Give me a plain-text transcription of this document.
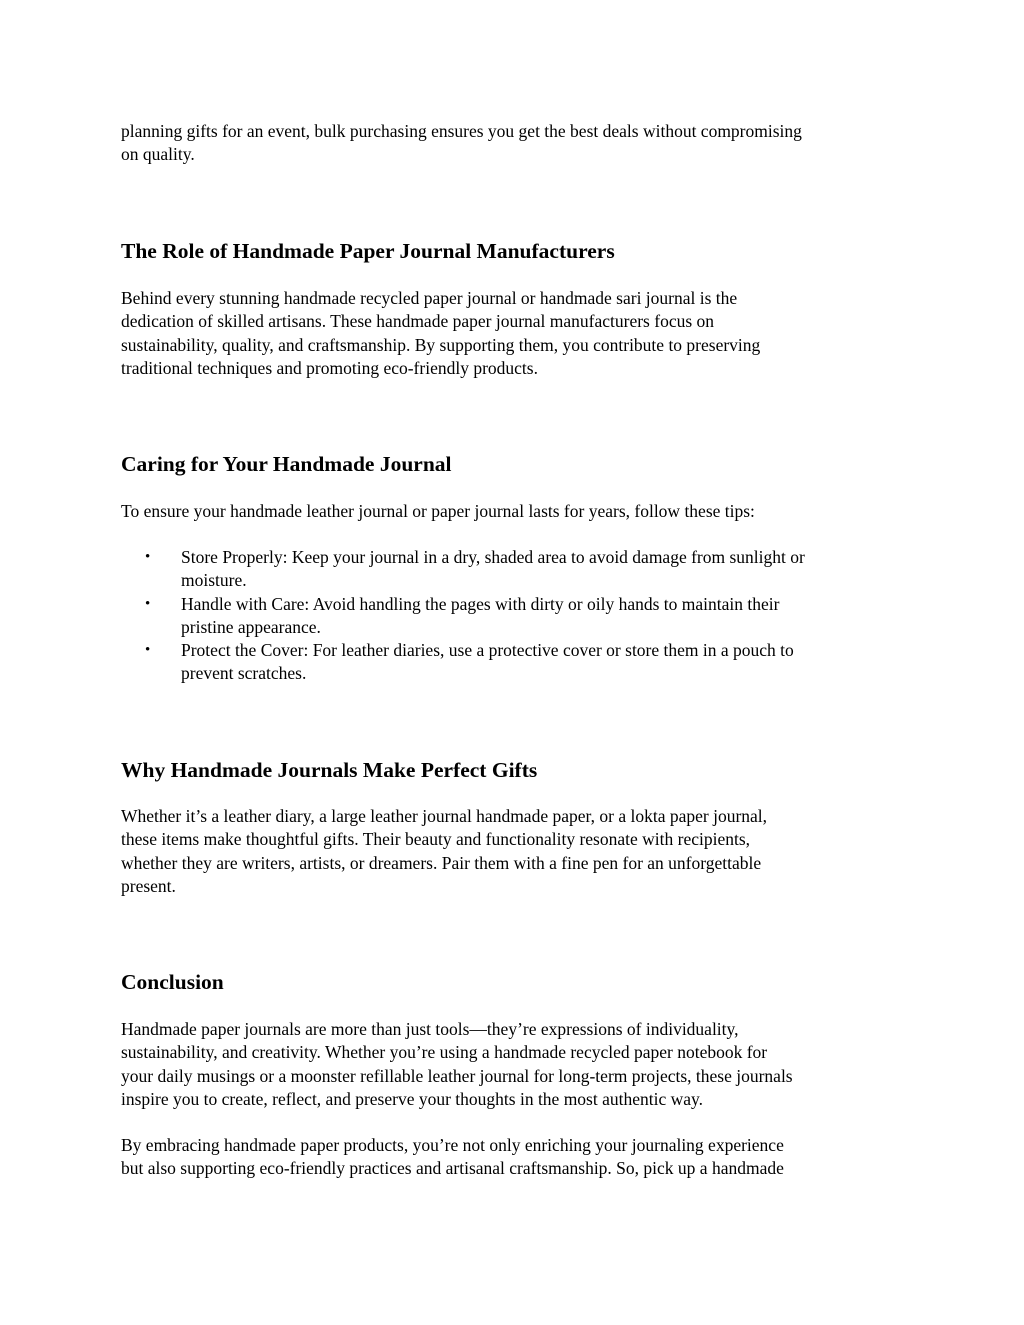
planning gifts for an event, bulk purchasing ensures you get the best deals without compromising
on quality.

The Role of Handmade Paper Journal Manufacturers

Behind every stunning handmade recycled paper journal or handmade sari journal is the
dedication of skilled artisans. These handmade paper journal manufacturers focus on
sustainability, quality, and craftsmanship. By supporting them, you contribute to preserving
traditional techniques and promoting eco-friendly products.

Caring for Your Handmade Journal

To ensure your handmade leather journal or paper journal lasts for years, follow these tips:

• Store Properly: Keep your journal in a dry, shaded area to avoid damage from sunlight or
moisture.
• Handle with Care: Avoid handling the pages with dirty or oily hands to maintain their
pristine appearance.
• Protect the Cover: For leather diaries, use a protective cover or store them in a pouch to
prevent scratches.
Why Handmade Journals Make Perfect Gifts

Whether it’s a leather diary, a large leather journal handmade paper, or a lokta paper journal,
these items make thoughtful gifts. Their beauty and functionality resonate with recipients,
whether they are writers, artists, or dreamers. Pair them with a fine pen for an unforgettable
present.

Conclusion

Handmade paper journals are more than just tools—they’re expressions of individuality,
sustainability, and creativity. Whether you’re using a handmade recycled paper notebook for
your daily musings or a moonster refillable leather journal for long-term projects, these journals
inspire you to create, reflect, and preserve your thoughts in the most authentic way.

By embracing handmade paper products, you’re not only enriching your journaling experience
but also supporting eco-friendly practices and artisanal craftsmanship. So, pick up a handmade
